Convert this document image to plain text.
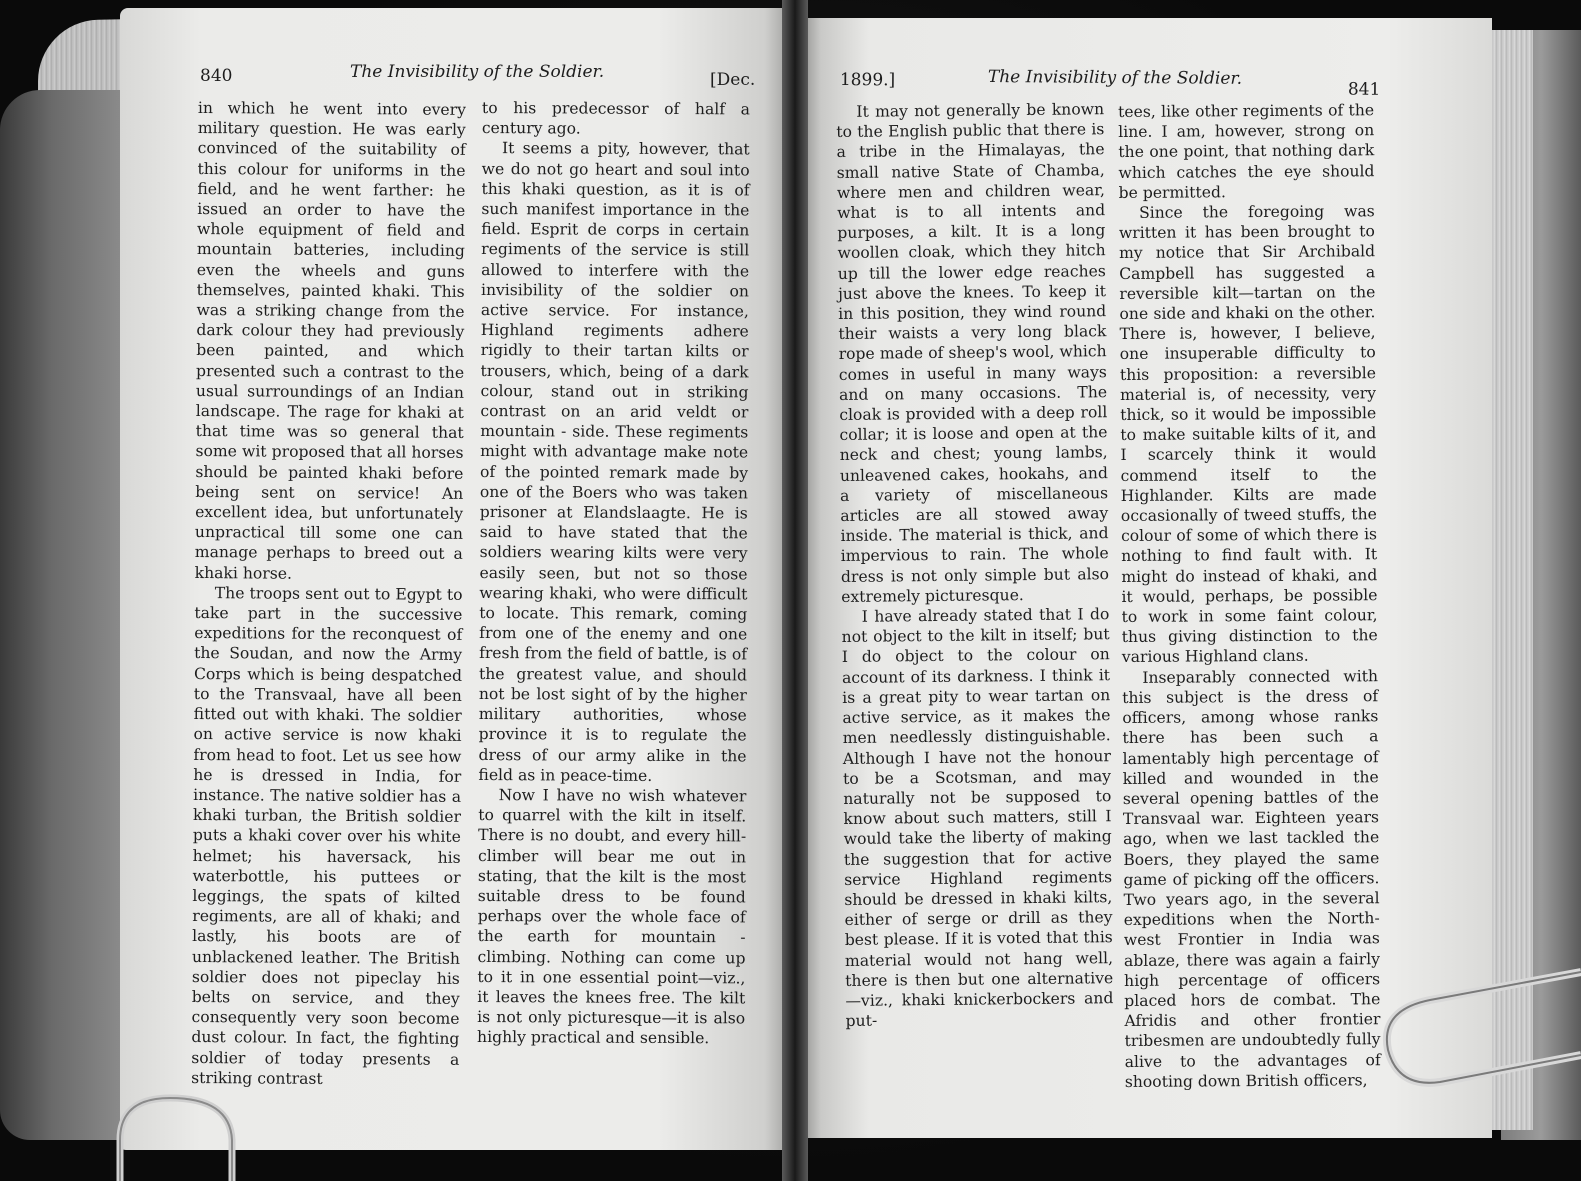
840	The Invisibility of the Soldier.	[Dec.

in which he went into every military question. He was early convinced of the suitability of this colour for uniforms in the field, and he went farther: he issued an order to have the whole equipment of field and mountain batteries, including even the wheels and guns themselves, painted khaki. This was a striking change from the dark colour they had previously been painted, and which presented such a contrast to the usual surroundings of an Indian landscape. The rage for khaki at that time was so general that some wit proposed that all horses should be painted khaki before being sent on service! An excellent idea, but unfortunately unpractical till some one can manage perhaps to breed out a khaki horse.

The troops sent out to Egypt to take part in the successive expeditions for the reconquest of the Soudan, and now the Army Corps which is being despatched to the Transvaal, have all been fitted out with khaki. The soldier on active service is now khaki from head to foot. Let us see how he is dressed in India, for instance. The native soldier has a khaki turban, the British soldier puts a khaki cover over his white helmet; his haversack, his waterbottle, his puttees or leggings, the spats of kilted regiments, are all of khaki; and lastly, his boots are of unblackened leather. The British soldier does not pipeclay his belts on service, and they consequently very soon become dust colour. In fact, the fighting soldier of today presents a striking contrast

to his predecessor of half a century ago.

It seems a pity, however, that we do not go heart and soul into this khaki question, as it is of such manifest importance in the field. Esprit de corps in certain regiments of the service is still allowed to interfere with the invisibility of the soldier on active service. For instance, Highland regiments adhere rigidly to their tartan kilts or trousers, which, being of a dark colour, stand out in striking contrast on an arid veldt or mountain - side. These regiments might with advantage make note of the pointed remark made by one of the Boers who was taken prisoner at Elandslaagte. He is said to have stated that the soldiers wearing kilts were very easily seen, but not so those wearing khaki, who were difficult to locate. This remark, coming from one of the enemy and one fresh from the field of battle, is of the greatest value, and should not be lost sight of by the higher military authorities, whose province it is to regulate the dress of our army alike in the field as in peace-time.

Now I have no wish whatever to quarrel with the kilt in itself. There is no doubt, and every hill-climber will bear me out in stating, that the kilt is the most suitable dress to be found perhaps over the whole face of the earth for mountain - climbing. Nothing can come up to it in one essential point—viz., it leaves the knees free. The kilt is not only picturesque—it is also highly practical and sensible.

1899.]	The Invisibility of the Soldier.
841

It may not generally be known to the English public that there is a tribe in the Himalayas, the small native State of Chamba, where men and children wear, what is to all intents and purposes, a kilt. It is a long woollen cloak, which they hitch up till the lower edge reaches just above the knees. To keep it in this position, they wind round their waists a very long black rope made of sheep's wool, which comes in useful in many ways and on many occasions. The cloak is provided with a deep roll collar; it is loose and open at the neck and chest; young lambs, unleavened cakes, hookahs, and a variety of miscellaneous articles are all stowed away inside. The material is thick, and impervious to rain. The whole dress is not only simple but also extremely picturesque.

I have already stated that I do not object to the kilt in itself; but I do object to the colour on account of its darkness. I think it is a great pity to wear tartan on active service, as it makes the men needlessly distinguishable. Although I have not the honour to be a Scotsman, and may naturally not be supposed to know about such matters, still I would take the liberty of making the suggestion that for active service Highland regiments should be dressed in khaki kilts, either of serge or drill as they best please. If it is voted that this material would not hang well, there is then but one alternative—viz., khaki knickerbockers and put-

tees, like other regiments of the line. I am, however, strong on the one point, that nothing dark which catches the eye should be permitted.

Since the foregoing was written it has been brought to my notice that Sir Archibald Campbell has suggested a reversible kilt—tartan on the one side and khaki on the other. There is, however, I believe, one insuperable difficulty to this proposition: a reversible material is, of necessity, very thick, so it would be impossible to make suitable kilts of it, and I scarcely think it would commend itself to the Highlander. Kilts are made occasionally of tweed stuffs, the colour of some of which there is nothing to find fault with. It might do instead of khaki, and it would, perhaps, be possible to work in some faint colour, thus giving distinction to the various Highland clans.

Inseparably connected with this subject is the dress of officers, among whose ranks there has been such a lamentably high percentage of killed and wounded in the several opening battles of the Transvaal war. Eighteen years ago, when we last tackled the Boers, they played the same game of picking off the officers. Two years ago, in the several expeditions when the North-west Frontier in India was ablaze, there was again a fairly high percentage of officers placed hors de combat. The Afridis and other frontier tribesmen are undoubtedly fully alive to the advantages of shooting down British officers,
